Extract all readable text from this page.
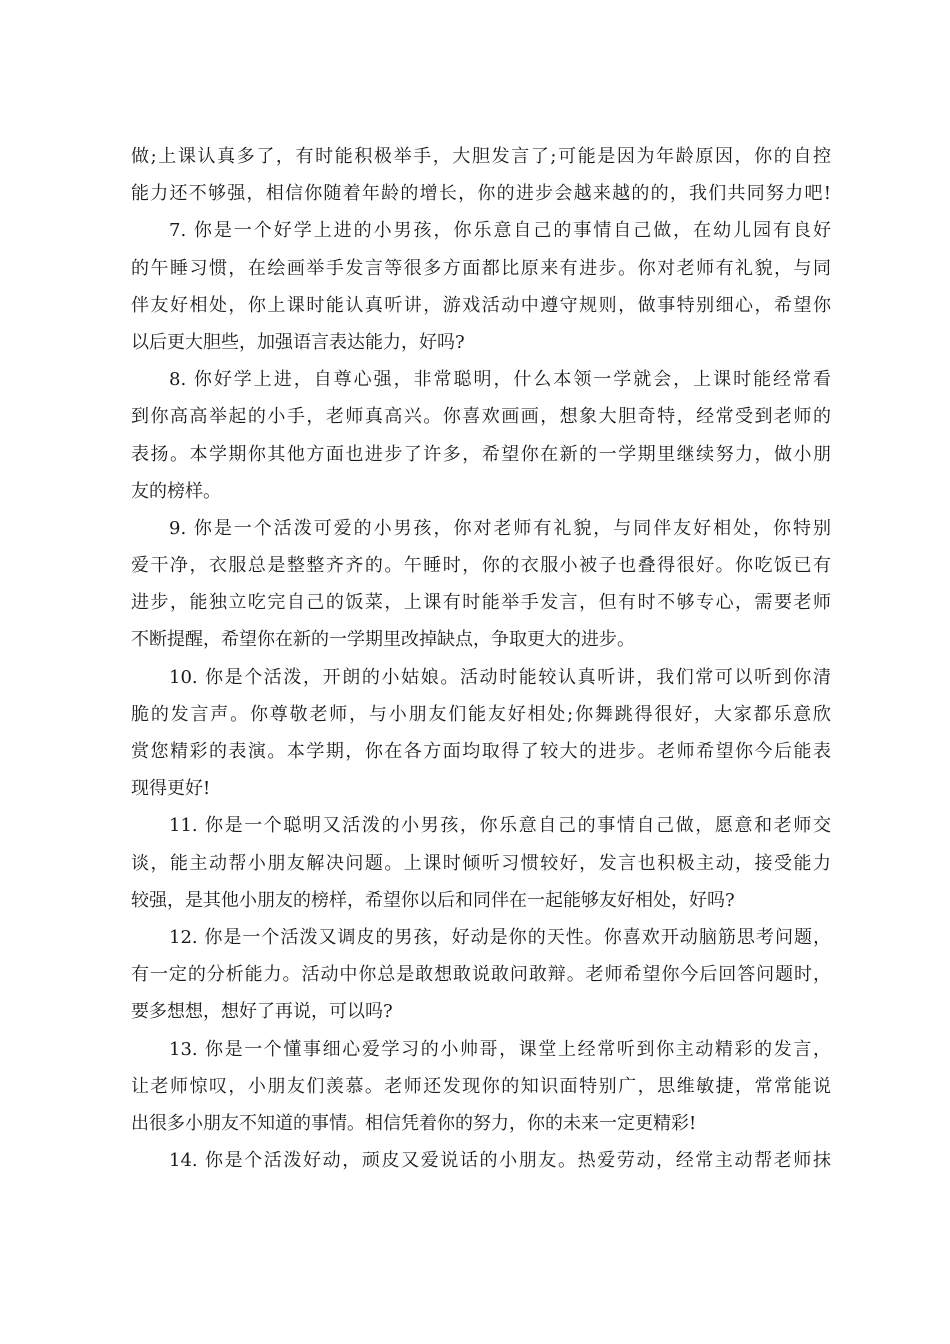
做;上课认真多了，有时能积极举手，大胆发言了;可能是因为年龄原因，你的自控
能力还不够强，相信你随着年龄的增长，你的进步会越来越的的，我们共同努力吧!
7. 你是一个好学上进的小男孩，你乐意自己的事情自己做，在幼儿园有良好
的午睡习惯，在绘画举手发言等很多方面都比原来有进步。你对老师有礼貌，与同
伴友好相处，你上课时能认真听讲，游戏活动中遵守规则，做事特别细心，希望你
以后更大胆些，加强语言表达能力，好吗?
8. 你好学上进，自尊心强，非常聪明，什么本领一学就会，上课时能经常看
到你高高举起的小手，老师真高兴。你喜欢画画，想象大胆奇特，经常受到老师的
表扬。本学期你其他方面也进步了许多，希望你在新的一学期里继续努力，做小朋
友的榜样。
9. 你是一个活泼可爱的小男孩，你对老师有礼貌，与同伴友好相处，你特别
爱干净，衣服总是整整齐齐的。午睡时，你的衣服小被子也叠得很好。你吃饭已有
进步，能独立吃完自己的饭菜，上课有时能举手发言，但有时不够专心，需要老师
不断提醒，希望你在新的一学期里改掉缺点，争取更大的进步。
10. 你是个活泼，开朗的小姑娘。活动时能较认真听讲，我们常可以听到你清
脆的发言声。你尊敬老师，与小朋友们能友好相处;你舞跳得很好，大家都乐意欣
赏您精彩的表演。本学期，你在各方面均取得了较大的进步。老师希望你今后能表
现得更好!
11. 你是一个聪明又活泼的小男孩，你乐意自己的事情自己做，愿意和老师交
谈，能主动帮小朋友解决问题。上课时倾听习惯较好，发言也积极主动，接受能力
较强，是其他小朋友的榜样，希望你以后和同伴在一起能够友好相处，好吗?
12. 你是一个活泼又调皮的男孩，好动是你的天性。你喜欢开动脑筋思考问题，
有一定的分析能力。活动中你总是敢想敢说敢问敢辩。老师希望你今后回答问题时，
要多想想，想好了再说，可以吗?
13. 你是一个懂事细心爱学习的小帅哥，课堂上经常听到你主动精彩的发言，
让老师惊叹，小朋友们羡慕。老师还发现你的知识面特别广，思维敏捷，常常能说
出很多小朋友不知道的事情。相信凭着你的努力，你的未来一定更精彩!
14. 你是个活泼好动，顽皮又爱说话的小朋友。热爱劳动，经常主动帮老师抹
